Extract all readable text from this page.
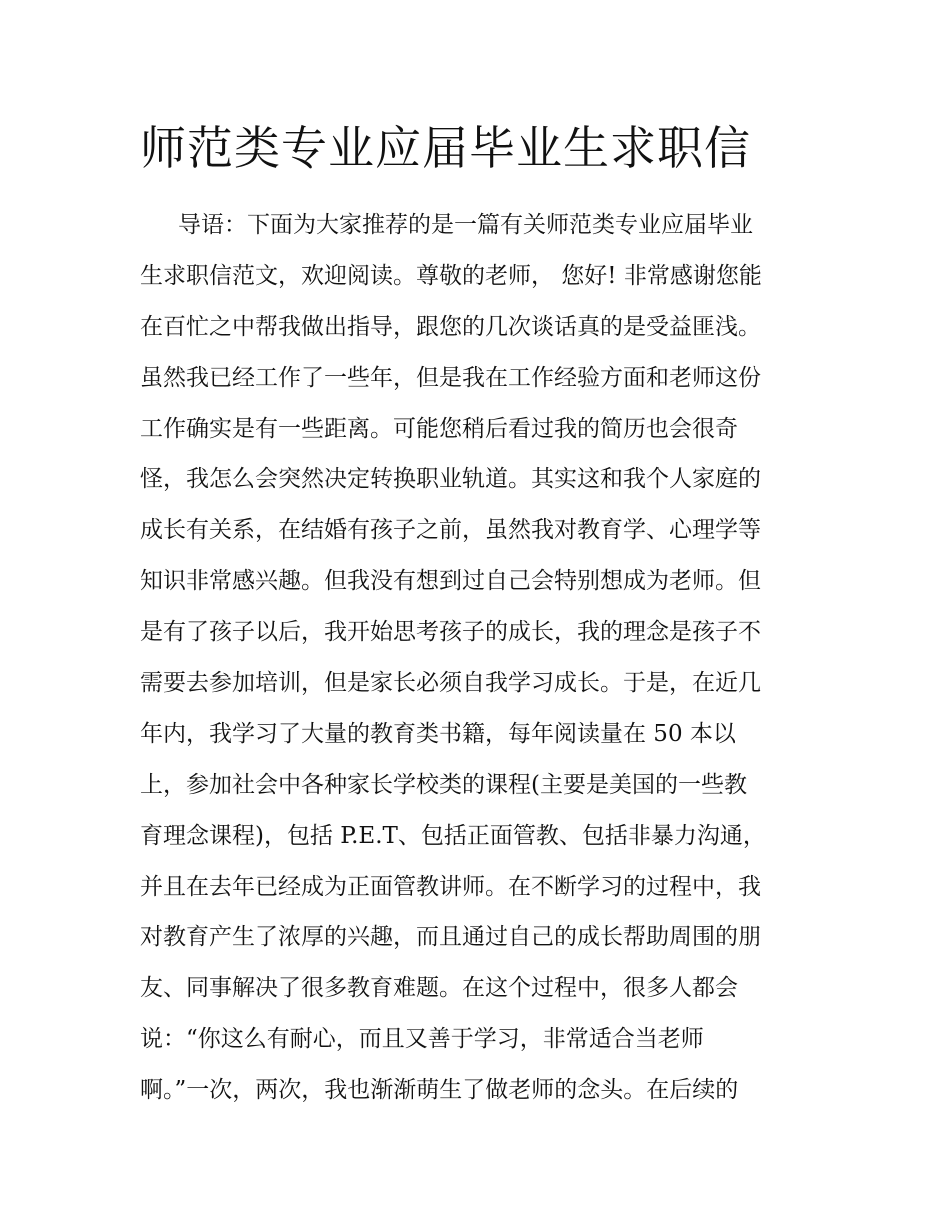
师范类专业应届毕业生求职信
导语：下面为大家推荐的是一篇有关师范类专业应届毕业
生求职信范文，欢迎阅读。尊敬的老师， 您好! 非常感谢您能
在百忙之中帮我做出指导，跟您的几次谈话真的是受益匪浅。
虽然我已经工作了一些年，但是我在工作经验方面和老师这份
工作确实是有一些距离。可能您稍后看过我的简历也会很奇
怪，我怎么会突然决定转换职业轨道。其实这和我个人家庭的
成长有关系，在结婚有孩子之前，虽然我对教育学、心理学等
知识非常感兴趣。但我没有想到过自己会特别想成为老师。但
是有了孩子以后，我开始思考孩子的成长，我的理念是孩子不
需要去参加培训，但是家长必须自我学习成长。于是，在近几
年内，我学习了大量的教育类书籍，每年阅读量在 50 本以
上，参加社会中各种家长学校类的课程(主要是美国的一些教
育理念课程)，包括 P.E.T、包括正面管教、包括非暴力沟通，
并且在去年已经成为正面管教讲师。在不断学习的过程中，我
对教育产生了浓厚的兴趣，而且通过自己的成长帮助周围的朋
友、同事解决了很多教育难题。在这个过程中，很多人都会
说：“你这么有耐心，而且又善于学习，非常适合当老师
啊。”一次，两次，我也渐渐萌生了做老师的念头。在后续的
